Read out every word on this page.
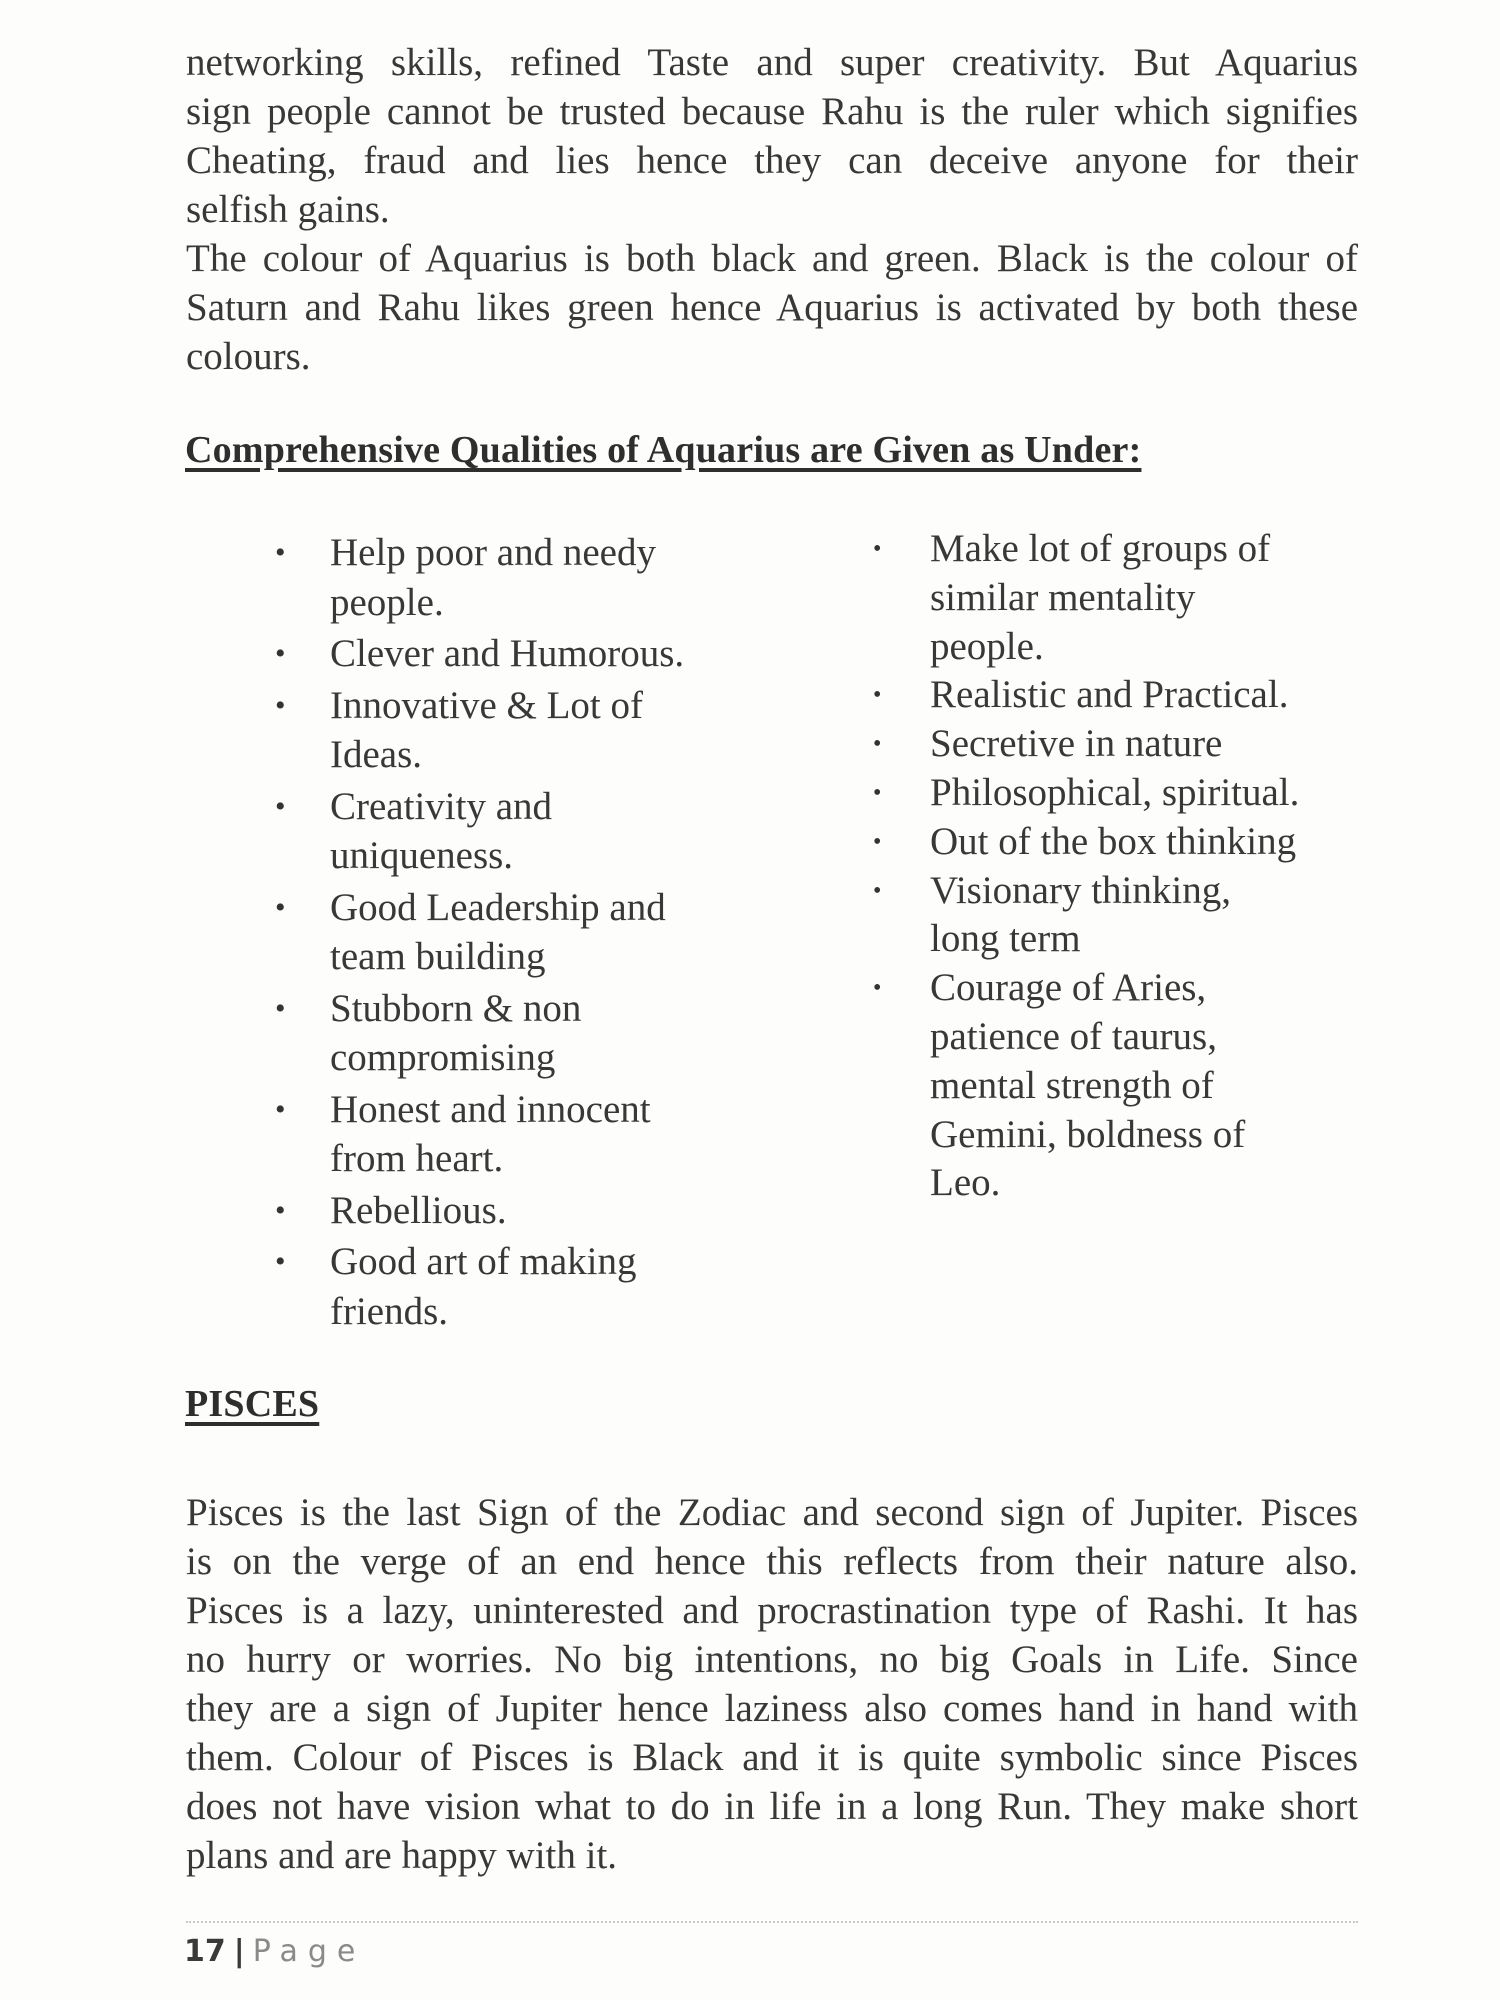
networking skills, refined Taste and super creativity. But Aquarius
sign people cannot be trusted because Rahu is the ruler which signifies
Cheating, fraud and lies hence they can deceive anyone for their
selfish gains.
The colour of Aquarius is both black and green. Black is the colour of
Saturn and Rahu likes green hence Aquarius is activated by both these
colours.
Comprehensive Qualities of Aquarius are Given as Under:
• Help poor and needy
people.
• Clever and Humorous.
• Innovative & Lot of
Ideas.
• Creativity and
uniqueness.
• Good Leadership and
team building
• Stubborn & non
compromising
• Honest and innocent
from heart.
• Rebellious.
• Good art of making
friends.
• Make lot of groups of
similar mentality
people.
• Realistic and Practical.
• Secretive in nature
• Philosophical, spiritual.
• Out of the box thinking
• Visionary thinking,
long term
• Courage of Aries,
patience of taurus,
mental strength of
Gemini, boldness of
Leo.
PISCES
Pisces is the last Sign of the Zodiac and second sign of Jupiter. Pisces
is on the verge of an end hence this reflects from their nature also.
Pisces is a lazy, uninterested and procrastination type of Rashi. It has
no hurry or worries. No big intentions, no big Goals in Life. Since
they are a sign of Jupiter hence laziness also comes hand in hand with
them. Colour of Pisces is Black and it is quite symbolic since Pisces
does not have vision what to do in life in a long Run. They make short
plans and are happy with it.
17 | Page
